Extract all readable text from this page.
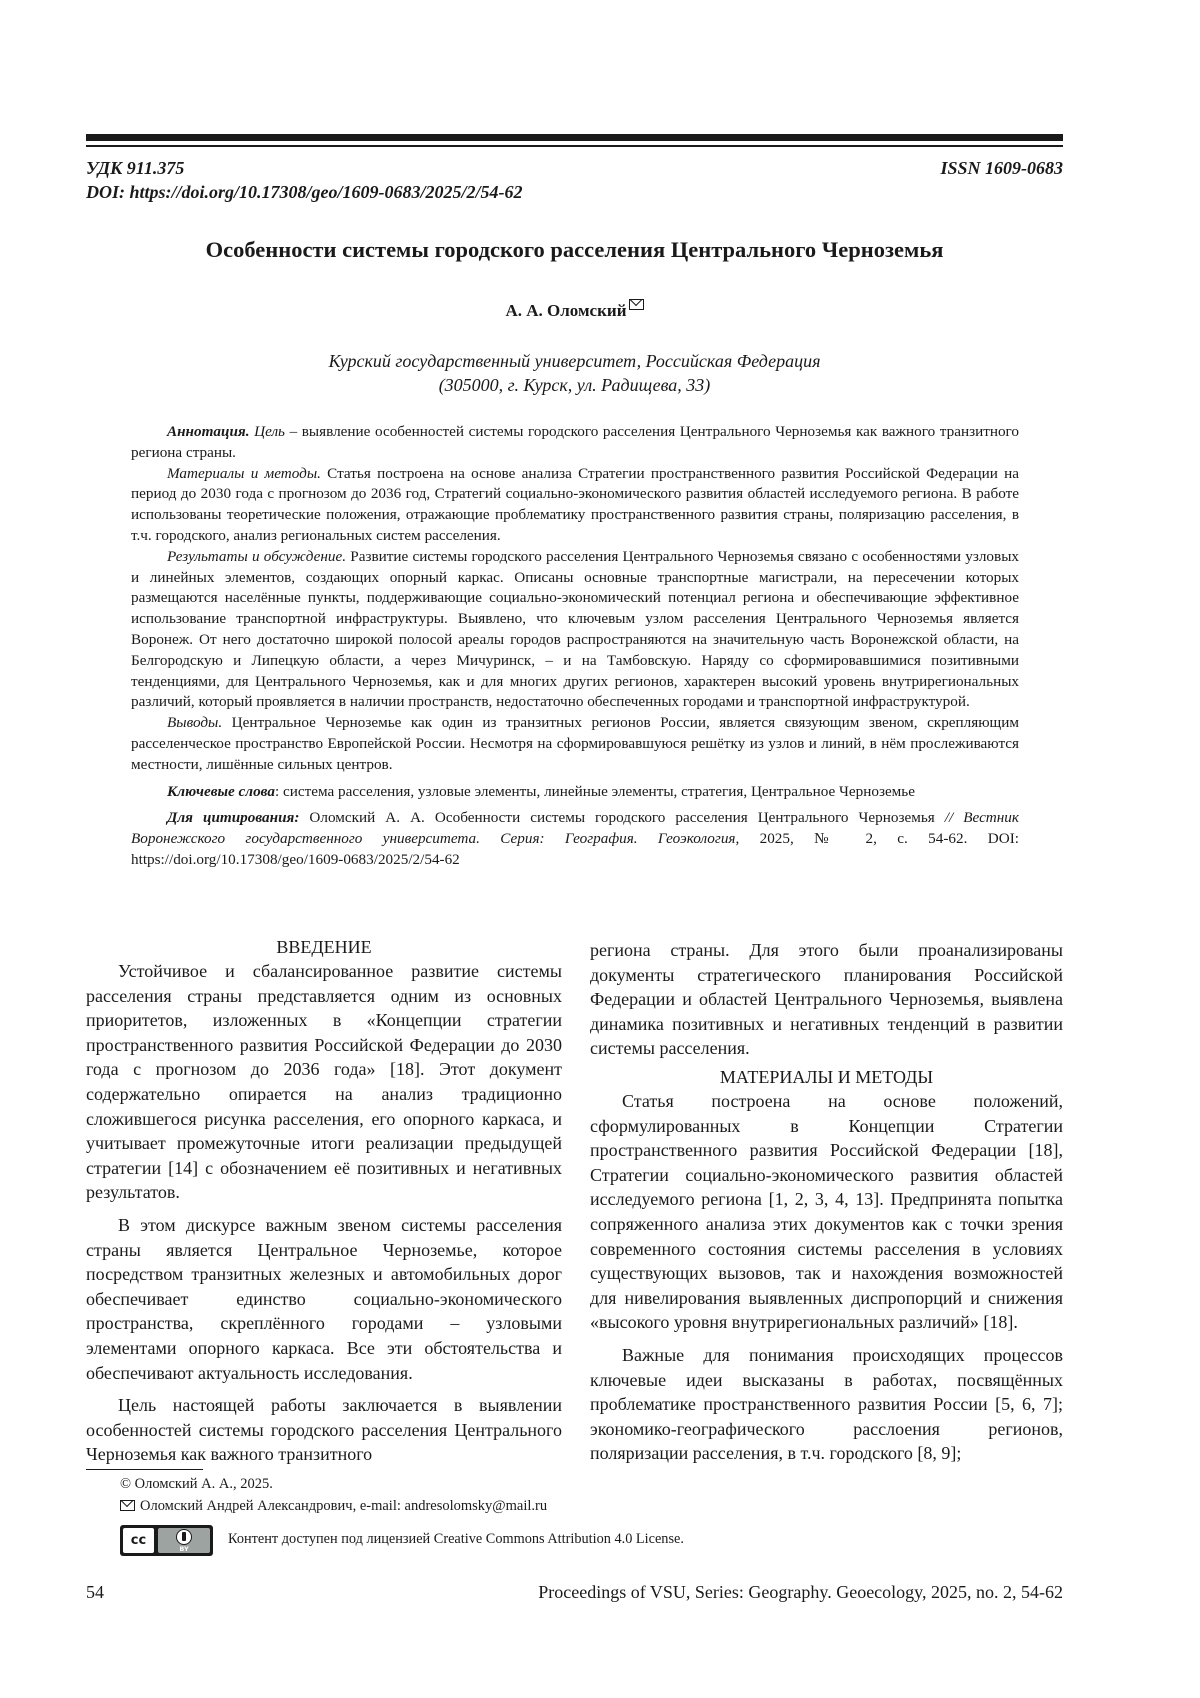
УДК 911.375	ISSN 1609-0683
DOI: https://doi.org/10.17308/geo/1609-0683/2025/2/54-62
Особенности системы городского расселения Центрального Черноземья
А. А. Оломский
Курский государственный университет, Российская Федерация
(305000, г. Курск, ул. Радищева, 33)

Аннотация. Цель – выявление особенностей системы городского расселения Центрального Черноземья как важного транзитного региона страны.

Материалы и методы. Статья построена на основе анализа Стратегии пространственного развития Российской Федерации на период до 2030 года с прогнозом до 2036 год, Стратегий социально-экономического развития областей исследуемого региона. В работе использованы теоретические положения, отражающие проблематику пространственного развития страны, поляризацию расселения, в т.ч. городского, анализ региональных систем расселения.

Результаты и обсуждение. Развитие системы городского расселения Центрального Черноземья связано с особенностями узловых и линейных элементов, создающих опорный каркас. Описаны основные транспортные магистрали, на пересечении которых размещаются населённые пункты, поддерживающие социально-экономический потенциал региона и обеспечивающие эффективное использование транспортной инфраструктуры. Выявлено, что ключевым узлом расселения Центрального Черноземья является Воронеж. От него достаточно широкой полосой ареалы городов распространяются на значительную часть Воронежской области, на Белгородскую и Липецкую области, а через Мичуринск, – и на Тамбовскую. Наряду со сформировавшимися позитивными тенденциями, для Центрального Черноземья, как и для многих других регионов, характерен высокий уровень внутрирегиональных различий, который проявляется в наличии пространств, недостаточно обеспеченных городами и транспортной инфраструктурой.

Выводы. Центральное Черноземье как один из транзитных регионов России, является связующим звеном, скрепляющим расселенческое пространство Европейской России. Несмотря на сформировавшуюся решётку из узлов и линий, в нём прослеживаются местности, лишённые сильных центров.

Ключевые слова: система расселения, узловые элементы, линейные элементы, стратегия, Центральное Черноземье

Для цитирования: Оломский А. А. Особенности системы городского расселения Центрального Черноземья // Вестник Воронежского государственного университета. Серия: География. Геоэкология, 2025, № 2, с. 54-62. DOI: https://doi.org/10.17308/geo/1609-0683/2025/2/54-62

ВВЕДЕНИЕ

Устойчивое и сбалансированное развитие системы расселения страны представляется одним из основных приоритетов, изложенных в «Концепции стратегии пространственного развития Российской Федерации до 2030 года с прогнозом до 2036 года» [18]. Этот документ содержательно опирается на анализ традиционно сложившегося рисунка расселения, его опорного каркаса, и учитывает промежуточные итоги реализации предыдущей стратегии [14] с обозначением её позитивных и негативных результатов.

В этом дискурсе важным звеном системы расселения страны является Центральное Черноземье, которое посредством транзитных железных и автомобильных дорог обеспечивает единство социально-экономического пространства, скреплённого городами – узловыми элементами опорного каркаса. Все эти обстоятельства и обеспечивают актуальность исследования.

Цель настоящей работы заключается в выявлении особенностей системы городского расселения Центрального Черноземья как важного транзитного

региона страны. Для этого были проанализированы документы стратегического планирования Российской Федерации и областей Центрального Черноземья, выявлена динамика позитивных и негативных тенденций в развитии системы расселения.

МАТЕРИАЛЫ И МЕТОДЫ

Статья построена на основе положений, сформулированных в Концепции Стратегии пространственного развития Российской Федерации [18], Стратегии социально-экономического развития областей исследуемого региона [1, 2, 3, 4, 13]. Предпринята попытка сопряженного анализа этих документов как с точки зрения современного состояния системы расселения в условиях существующих вызовов, так и нахождения возможностей для нивелирования выявленных диспропорций и снижения «высокого уровня внутрирегиональных различий» [18].

Важные для понимания происходящих процессов ключевые идеи высказаны в работах, посвящённых проблематике пространственного развития России [5, 6, 7]; экономико-географического расслоения регионов, поляризации расселения, в т.ч. городского [8, 9];

© Оломский А. А., 2025.
Оломский Андрей Александрович, e-mail: andresolomsky@mail.ru
cc
BY
Контент доступен под лицензией Creative Commons Attribution 4.0 License.
54	Proceedings of VSU, Series: Geography. Geoecology, 2025, no. 2, 54-62
